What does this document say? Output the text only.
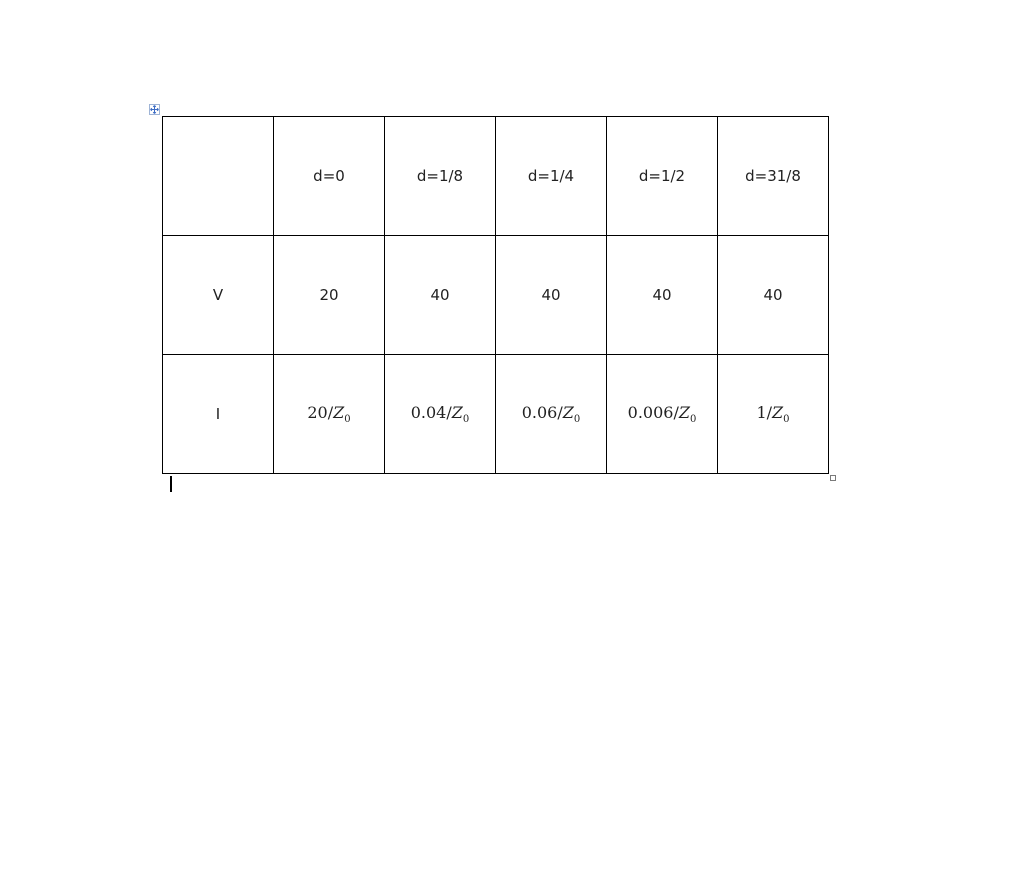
	d=0	d=1/8	d=1/4	d=1/2	d=31/8
V	20	40	40	40	40
I	$20/Z_0$	$0.04/Z_0$	$0.06/Z_0$	$0.006/Z_0$	$1/Z_0$
